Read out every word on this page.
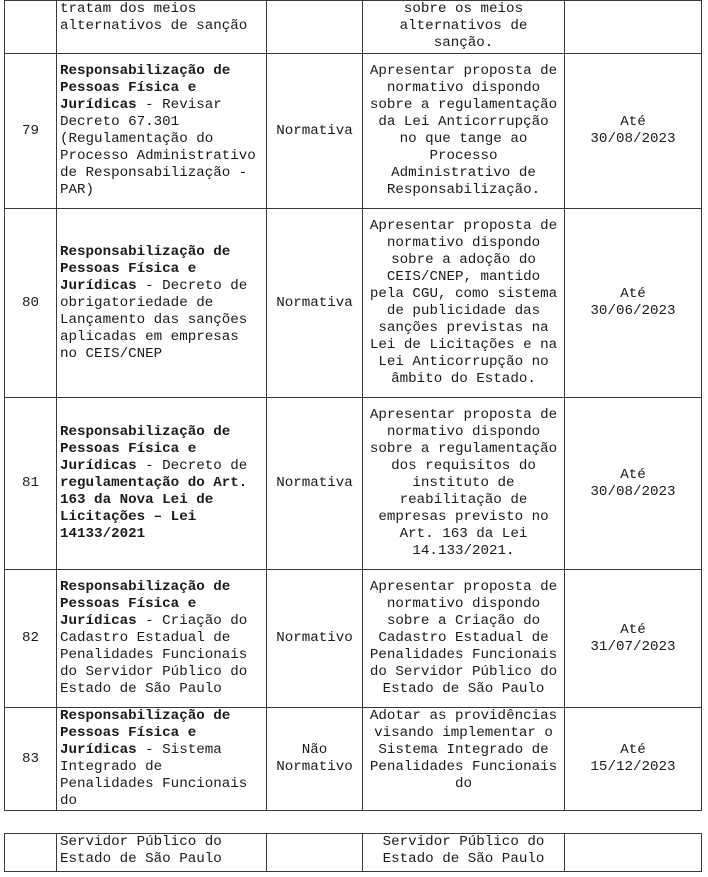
	tratam dos meios alternativos de sanção		sobre os meios alternativos de sanção.	
79	Responsabilização de Pessoas Física e Jurídicas - Revisar Decreto 67.301 (Regulamentação do Processo Administrativo de Responsabilização - PAR)	Normativa	Apresentar proposta de normativo dispondo sobre a regulamentação da Lei Anticorrupção no que tange ao Processo Administrativo de Responsabilização.	Até
30/08/2023

80	Responsabilização de Pessoas Física e Jurídicas - Decreto de obrigatoriedade de Lançamento das sanções aplicadas em empresas no CEIS/CNEP	Normativa	Apresentar proposta de normativo dispondo sobre a adoção do CEIS/CNEP, mantido pela CGU, como sistema de publicidade das sanções previstas na Lei de Licitações e na Lei Anticorrupção no âmbito do Estado.	Até
30/06/2023

81	Responsabilização de Pessoas Física e Jurídicas - Decreto de regulamentação do Art. 163 da Nova Lei de Licitações – Lei 14133/2021	Normativa	Apresentar proposta de normativo dispondo sobre a regulamentação dos requisitos do instituto de reabilitação de empresas previsto no Art. 163 da Lei 14.133/2021.	Até
30/08/2023

82	Responsabilização de Pessoas Física e Jurídicas - Criação do Cadastro Estadual de Penalidades Funcionais do Servidor Público do Estado de São Paulo	Normativo	Apresentar proposta de normativo dispondo sobre a Criação do Cadastro Estadual de Penalidades Funcionais do Servidor Público do Estado de São Paulo	Até
31/07/2023

83	Responsabilização de Pessoas Física e Jurídicas - Sistema Integrado de Penalidades Funcionais do	Não Normativo	Adotar as providências visando implementar o Sistema Integrado de Penalidades Funcionais do	Até
15/12/2023
	Servidor Público do Estado de São Paulo		Servidor Público do Estado de São Paulo	
